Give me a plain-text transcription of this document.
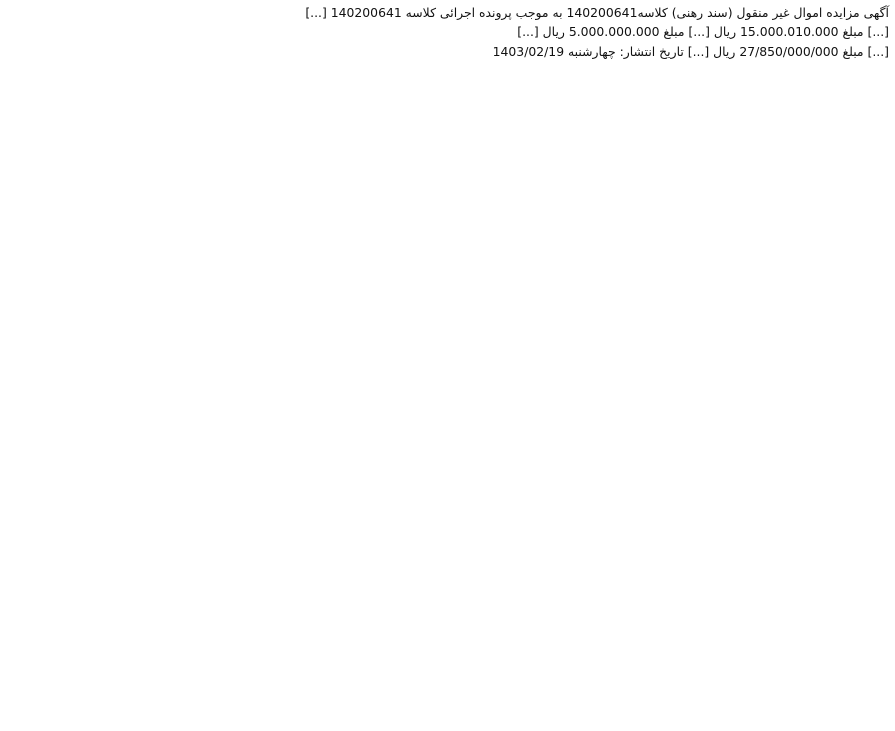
آگهی مزایده اموال غیر منقول (سند رهنی) کلاسه140200641 به موجب پرونده اجرائی کلاسه 140200641 [...]

[...] مبلغ 15.000.010.000 ریال [...] مبلغ 5.000.000.000 ریال [...]

[...] مبلغ 27/850/000/000 ریال [...] تاریخ انتشار: چهارشنبه 1403/02/19
